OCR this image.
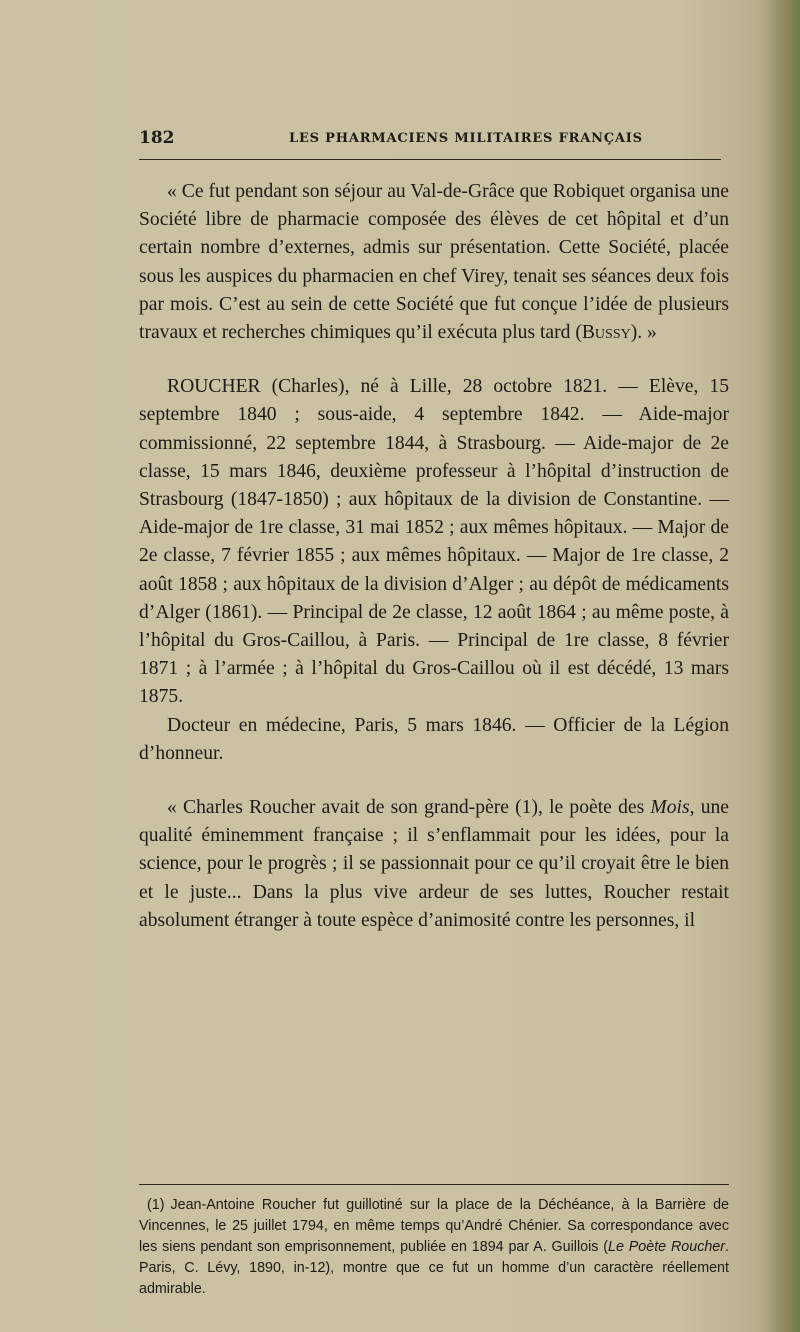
182	LES PHARMACIENS MILITAIRES FRANÇAIS

« Ce fut pendant son séjour au Val-de-Grâce que Robiquet organisa une Société libre de pharmacie composée des élèves de cet hôpital et d’un certain nombre d’externes, admis sur présentation. Cette Société, placée sous les auspices du pharmacien en chef Virey, tenait ses séances deux fois par mois. C’est au sein de cette Société que fut conçue l’idée de plusieurs travaux et recherches chimiques qu’il exécuta plus tard (Bussy). »

ROUCHER (Charles), né à Lille, 28 octobre 1821. — Elève, 15 septembre 1840 ; sous-aide, 4 septembre 1842. — Aide-major commissionné, 22 septembre 1844, à Strasbourg. — Aide-major de 2e classe, 15 mars 1846, deuxième professeur à l’hôpital d’instruction de Strasbourg (1847-1850) ; aux hôpitaux de la division de Constantine. — Aide-major de 1re classe, 31 mai 1852 ; aux mêmes hôpitaux. — Major de 2e classe, 7 février 1855 ; aux mêmes hôpitaux. — Major de 1re classe, 2 août 1858 ; aux hôpitaux de la division d’Alger ; au dépôt de médicaments d’Alger (1861). — Principal de 2e classe, 12 août 1864 ; au même poste, à l’hôpital du Gros-Caillou, à Paris. — Principal de 1re classe, 8 février 1871 ; à l’armée ; à l’hôpital du Gros-Caillou où il est décédé, 13 mars 1875.

Docteur en médecine, Paris, 5 mars 1846. — Officier de la Légion d’honneur.

« Charles Roucher avait de son grand-père (1), le poète des Mois, une qualité éminemment française ; il s’enflammait pour les idées, pour la science, pour le progrès ; il se passionnait pour ce qu’il croyait être le bien et le juste... Dans la plus vive ardeur de ses luttes, Roucher restait absolument étranger à toute espèce d’animosité contre les personnes, il

(1) Jean-Antoine Roucher fut guillotiné sur la place de la Déchéance, à la Barrière de Vincennes, le 25 juillet 1794, en même temps qu’André Chénier. Sa correspondance avec les siens pendant son emprisonnement, publiée en 1894 par A. Guillois (Le Poète Roucher. Paris, C. Lévy, 1890, in-12), montre que ce fut un homme d’un caractère réellement admirable.
